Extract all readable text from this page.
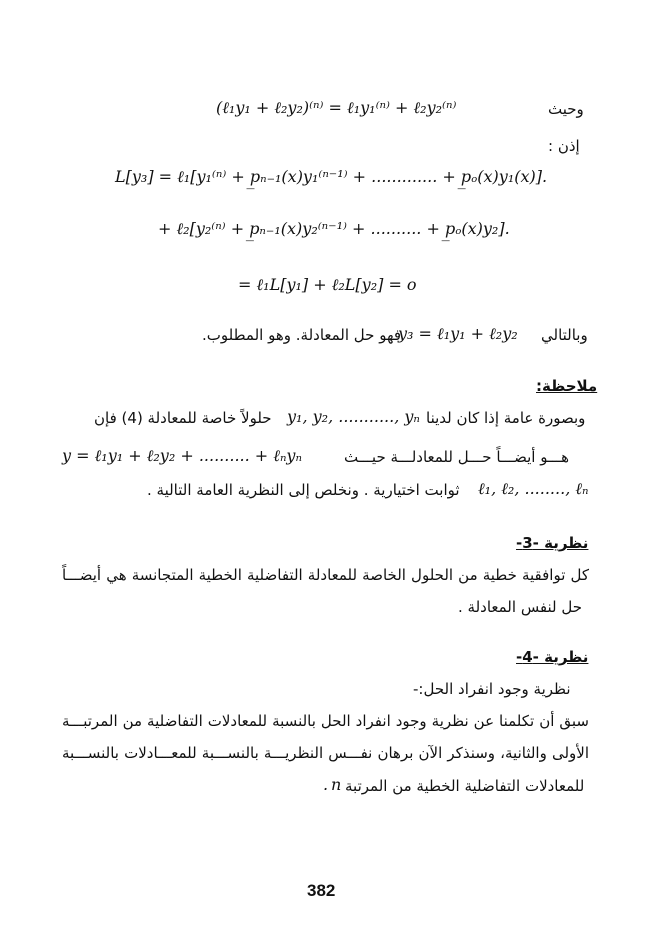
(ℓ₁y₁ + ℓ₂y₂)⁽ⁿ⁾ = ℓ₁y₁⁽ⁿ⁾ + ℓ₂y₂⁽ⁿ⁾	وحيث
إذن :
L[y₃] = ℓ₁[y₁⁽ⁿ⁾ + p̲ₙ₋₁(x)y₁⁽ⁿ⁻¹⁾ + ............. + p̲ₒ(x)y₁(x)].
+ ℓ₂[y₂⁽ⁿ⁾ + p̲ₙ₋₁(x)y₂⁽ⁿ⁻¹⁾ + .......... + p̲ₒ(x)y₂].
= ℓ₁L[y₁] + ℓ₂L[y₂] = o
وبالتالي
y₃ = ℓ₁y₁ + ℓ₂y₂
فهو حل المعادلة. وهو المطلوب.
ملاحظة:
وبصورة عامة إذا كان لدينا
y₁, y₂, ..........., yₙ
حلولاً خاصة للمعادلة (4) فإن
هـــو أيضـــاً حـــل للمعادلـــة حيـــث
y = ℓ₁y₁ + ℓ₂y₂ + .......... + ℓₙyₙ
ℓ₁, ℓ₂, ........, ℓₙ
ثوابت اختيارية . ونخلص إلى النظرية العامة التالية .
نظرية -3-
كل توافقية خطية من الحلول الخاصة للمعادلة التفاضلية الخطية المتجانسة هي أيضـــاً
حل لنفس المعادلة .
نظرية -4-
نظرية وجود انفراد الحل:-
سبق أن تكلمنا عن نظرية وجود انفراد الحل بالنسبة للمعادلات التفاضلية من المرتبـــة
الأولى والثانية، وسنذكر الآن برهان نفـــس النظريـــة بالنســـبة للمعـــادلات بالنســـبة
للمعادلات التفاضلية الخطية من المرتبة
n
.
382
